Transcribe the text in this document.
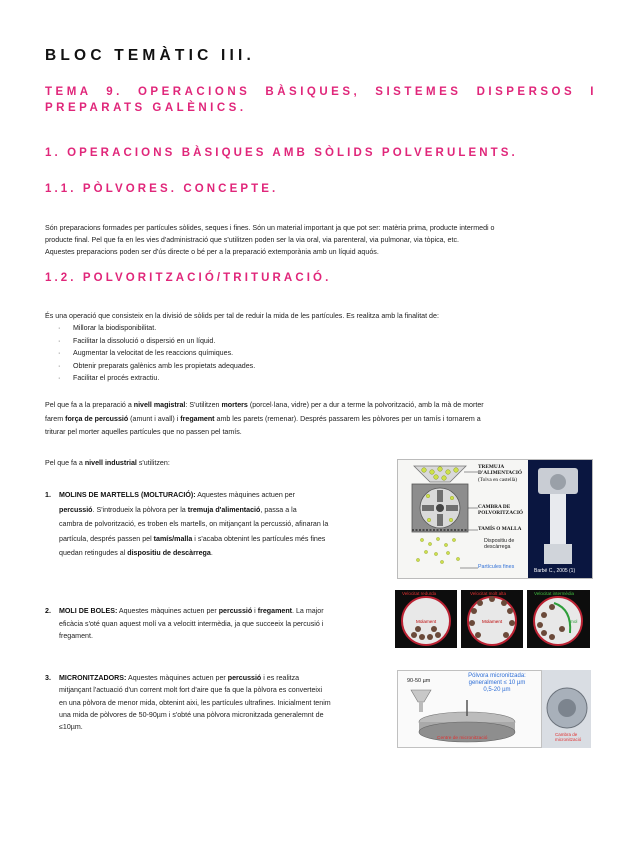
BLOC TEMÀTIC III.
TEMA 9. OPERACIONS BÀSIQUES, SISTEMES DISPERSOS I
PREPARATS GALÈNICS.
1. OPERACIONS BÀSIQUES AMB SÒLIDS POLVERULENTS.
1.1. PÒLVORES. CONCEPTE.
Són preparacions formades per partícules sòlides, seques i fines. Són un material important ja que pot ser: matèria prima, producte intermedi o
producte final. Pel que fa en les vies d'administració que s'utilitzen poden ser la via oral, via parenteral, via pulmonar, via tòpica, etc.
Aquestes preparacions poden ser d'ús directe o bé per a la preparació extemporània amb un líquid aquós.
1.2. POLVORITZACIÓ/TRITURACIÓ.
És una operació que consisteix en la divisió de sòlids per tal de reduir la mida de les partícules. Es realitza amb la finalitat de:
· Millorar la biodisponibilitat.
· Facilitar la dissolució o dispersió en un líquid.
· Augmentar la velocitat de les reaccions químiques.
· Obtenir preparats galènics amb les propietats adequades.
· Facilitar el procés extractiu.
Pel que fa a la preparació a nivell magistral: S'utilitzen morters (porcel·lana, vidre) per a dur a terme la polvorització, amb la mà de morter
farem força de percussió (amunt i avall) i fregament amb les parets (remenar). Després passarem les pòlvores per un tamís i tornarem a
triturar pel morter aquelles partícules que no passen pel tamís.
Pel que fa a nivell industrial s'utilitzen:
1.	MOLINS DE MARTELLS (MOLTURACIÓ): Aquestes màquines actuen per
percussió. S'introdueix la pòlvora per la tremuja d'alimentació, passa a la
cambra de polvorització, es troben els martells, on mitjançant la percussió, afinaran la
partícula, després passen pel tamís/malla i s'acaba obtenint les partícules més fines
quedan retingudes al dispositiu de descàrrega.
2.	MOLI DE BOLES: Aquestes màquines actuen per percussió i fregament. La major
eficàcia s'oté quan aquest molí va a velocitt intermèdia, ja que succeeix la percusió i
fregament.
3.	MICRONITZADORS: Aquestes màquines actuen per percussió i es realitza
mitjançant l'actuació d'un corrent molt fort d'aire que fa que la pòlvora es converteixi
en una pòlvora de menor mida, obtenint aixi, les partícules ultrafines. Inicialment tenim
una mida de pòlvores de 50-90µm i s'obté una pòlvora micronitzada generalemnt de
≤10µm.
TREMUJA
D'ALIMENTACIÓ
(Tolva en castellà)
CAMBRA DE
POLVORITZACIÓ
TAMÍS O MALLA
Dispositiu de
descàrrega
Partícules fines
Barbé C., 2005 (1)
Velocitat reduïda
Molament
Velocitat molt alta
Molament
Velocitat intermèdia
mol
90-50 µm
Pólvora micronitzada:
generalment ≤ 10 µm
0,5-20 µm
Centre de micronització
Cambra de
micronització
